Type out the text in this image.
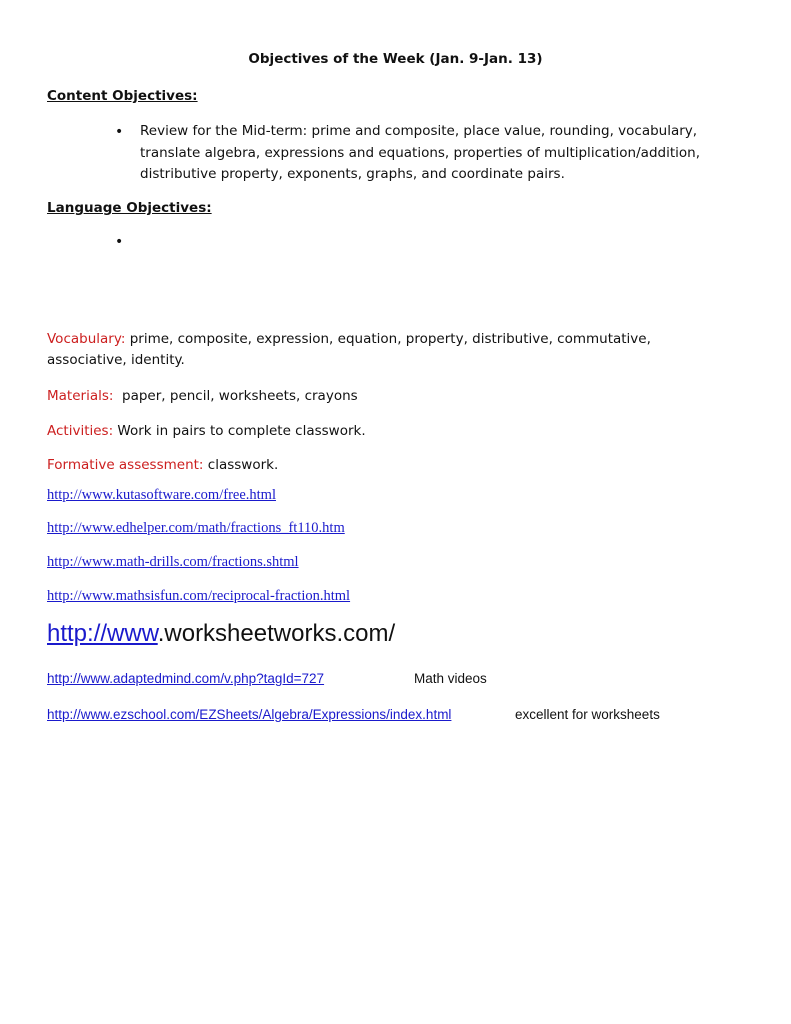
Objectives of the Week (Jan. 9-Jan. 13)
Content Objectives:
• Review for the Mid-term: prime and composite, place value, rounding, vocabulary,
translate algebra, expressions and equations, properties of multiplication/addition,
distributive property, exponents, graphs, and coordinate pairs.
Language Objectives:
•
Vocabulary: prime, composite, expression, equation, property, distributive, commutative,
associative, identity.
Materials:  paper, pencil, worksheets, crayons
Activities: Work in pairs to complete classwork.
Formative assessment: classwork.
http://www.kutasoftware.com/free.html
http://www.edhelper.com/math/fractions_ft110.htm
http://www.math-drills.com/fractions.shtml
http://www.mathsisfun.com/reciprocal-fraction.html
http://www.worksheetworks.com/
http://www.adaptedmind.com/v.php?tagId=727	Math videos
http://www.ezschool.com/EZSheets/Algebra/Expressions/index.html	excellent for worksheets
